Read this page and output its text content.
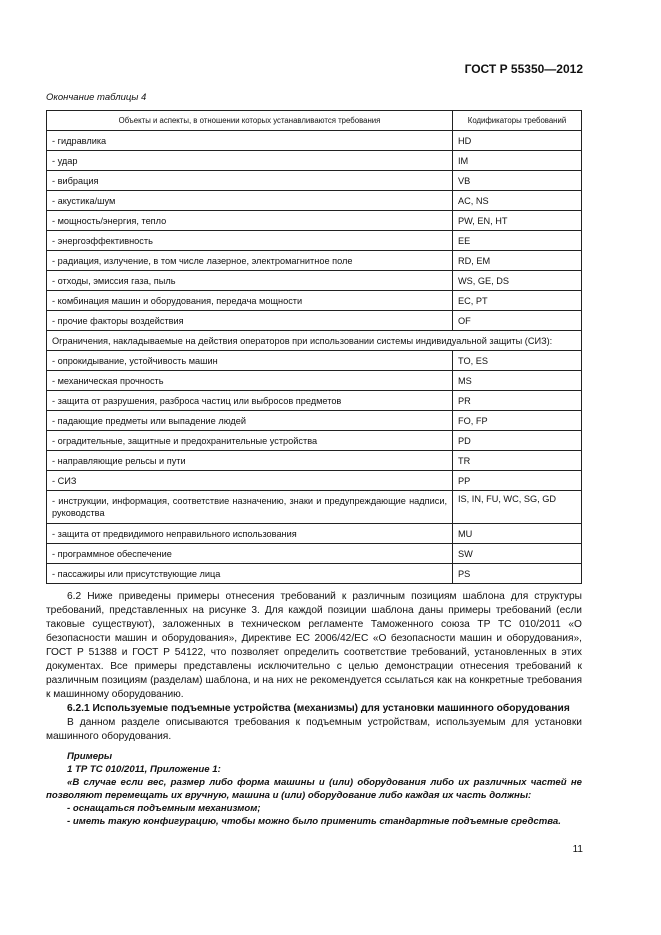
ГОСТ Р 55350—2012
Окончание таблицы 4
Объекты и аспекты, в отношении которых устанавливаются требования	Кодификаторы требований
- гидравлика	HD
- удар	IM
- вибрация	VB
- акустика/шум	AC, NS
- мощность/энергия, тепло	PW, EN, HT
- энергоэффективность	EE
- радиация, излучение, в том числе лазерное, электромагнитное поле	RD, EM
- отходы, эмиссия газа, пыль	WS, GE, DS
- комбинация машин и оборудования, передача мощности	EC, PT
- прочие факторы воздействия	OF
Ограничения, накладываемые на действия операторов при использовании системы индивидуальной защиты (СИЗ):	
- опрокидывание, устойчивость машин	TO, ES
- механическая прочность	MS
- защита от разрушения, разброса частиц или выбросов предметов	PR
- падающие предметы или выпадение людей	FO, FP
- оградительные, защитные и предохранительные устройства	PD
- направляющие рельсы и пути	TR
- СИЗ	PP
- инструкции, информация, соответствие назначению, знаки и предупреждающие надписи, руководства	IS, IN, FU, WC, SG, GD
- защита от предвидимого неправильного использования	MU
- программное обеспечение	SW
- пассажиры или присутствующие лица	PS

6.2 Ниже приведены примеры отнесения требований к различным позициям шаблона для структуры требований, представленных на рисунке 3. Для каждой позиции шаблона даны примеры требований (если таковые существуют), заложенных в техническом регламенте Таможенного союза ТР ТС 010/2011 «О безопасности машин и оборудования», Директиве ЕС 2006/42/ЕС «О безопасности машин и оборудования», ГОСТ Р 51388 и ГОСТ Р 54122, что позволяет определить соответствие требований, установленных в этих документах. Все примеры представлены исключительно с целью демонстрации отнесения требований к различным позициям (разделам) шаблона, и на них не рекомендуется ссылаться как на конкретные требования к машинному оборудованию.

6.2.1 Используемые подъемные устройства (механизмы) для установки машинного оборудования

В данном разделе описываются требования к подъемным устройствам, используемым для установки машинного оборудования.

Примеры

1 ТР ТС 010/2011, Приложение 1:

«В случае если вес, размер либо форма машины и (или) оборудования либо их различных частей не позволяют перемещать их вручную, машина и (или) оборудование либо каждая их часть должны:

- оснащаться подъемным механизмом;

- иметь такую конфигурацию, чтобы можно было применить стандартные подъемные средства.

11
